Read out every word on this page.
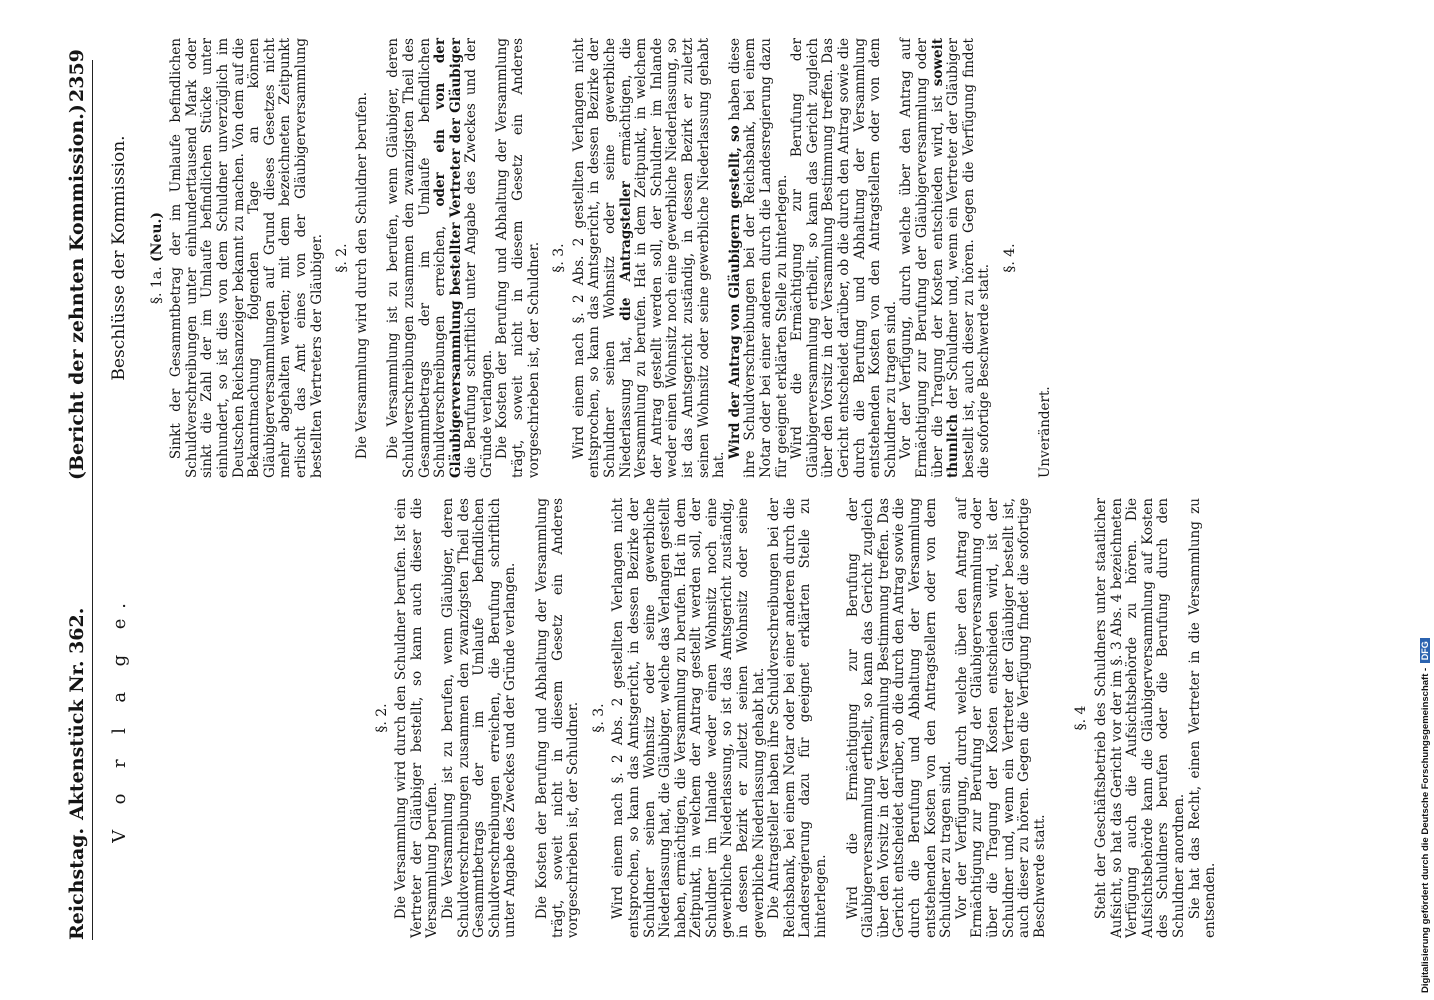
Reichstag.
Aktenstück Nr. 362.
(Bericht der zehnten Kommission.)
2359
V o r l a g e.	§. 2. Die Versammlung wird durch den Schuldner berufen. Ist ein Vertreter der Gläubiger bestellt, so kann auch dieser die Versammlung berufen. Die Versammlung ist zu berufen, wenn Gläubiger, deren Schuldverschreibungen zusammen den zwanzigsten Theil des Gesammtbetrags der im Umlaufe befindlichen Schuldverschreibungen erreichen, die Berufung schriftlich unter Angabe des Zweckes und der Gründe verlangen. Die Kosten der Berufung und Abhaltung der Versammlung trägt, soweit nicht in diesem Gesetz ein Anderes vorgeschrieben ist, der Schuldner. §. 3. Wird einem nach §. 2 Abs. 2 gestellten Verlangen nicht entsprochen, so kann das Amtsgericht, in dessen Bezirke der Schuldner seinen Wohnsitz oder seine gewerbliche Niederlassung hat, die Gläubiger, welche das Verlangen gestellt haben, ermächtigen, die Versammlung zu berufen. Hat in dem Zeitpunkt, in welchem der Antrag gestellt werden soll, der Schuldner im Inlande weder einen Wohnsitz noch eine gewerbliche Niederlassung, so ist das Amtsgericht zuständig, in dessen Bezirk er zuletzt seinen Wohnsitz oder seine gewerbliche Niederlassung gehabt hat. Die Antragsteller haben ihre Schuldverschreibungen bei der Reichsbank, bei einem Notar oder bei einer anderen durch die Landesregierung dazu für geeignet erklärten Stelle zu hinterlegen. Wird die Ermächtigung zur Berufung der Gläubigerversammlung ertheilt, so kann das Gericht zugleich über den Vorsitz in der Versammlung Bestimmung treffen. Das Gericht entscheidet darüber, ob die durch den Antrag sowie die durch die Berufung und Abhaltung der Versammlung entstehenden Kosten von den Antragstellern oder von dem Schuldner zu tragen sind. Vor der Verfügung, durch welche über den Antrag auf Ermächtigung zur Berufung der Gläubigerversammlung oder über die Tragung der Kosten entschieden wird, ist der Schuldner und, wenn ein Vertreter der Gläubiger bestellt ist, auch dieser zu hören. Gegen die Verfügung findet die sofortige Beschwerde statt.

§. 4 Steht der Geschäftsbetrieb des Schuldners unter staatlicher Aufsicht, so hat das Gericht vor der im §. 3 Abs. 4 bezeichneten Verfügung auch die Aufsichtsbehörde zu hören. Die Aufsichtsbehörde kann die Gläubigerversammlung auf Kosten des Schuldners berufen oder die Berufung durch den Schuldner anordnen. Sie hat das Recht, einen Vertreter in die Versammlung zu entsenden.

Beschlüsse der Kommission. §. 1a. (Neu.) Sinkt der Gesammtbetrag der im Umlaufe befindlichen Schuldverschreibungen unter einhunderttausend Mark oder sinkt die Zahl der im Umlaufe befindlichen Stücke unter einhundert, so ist dies von dem Schuldner unverzüglich im Deutschen Reichsanzeiger bekannt zu machen. Von dem auf die Bekanntmachung folgenden Tage an können Gläubigerversammlungen auf Grund dieses Gesetzes nicht mehr abgehalten werden; mit dem bezeichneten Zeitpunkt erlischt das Amt eines von der Gläubigerversammlung bestellten Vertreters der Gläubiger. §. 2. Die Versammlung wird durch den Schuldner berufen. Die Versammlung ist zu berufen, wenn Gläubiger, deren Schuldverschreibungen zusammen den zwanzigsten Theil des Gesammtbetrags der im Umlaufe befindlichen Schuldverschreibungen erreichen, oder ein von der Gläubigerversammlung bestellter Vertreter der Gläubiger die Berufung schriftlich unter Angabe des Zweckes und der Gründe verlangen. Die Kosten der Berufung und Abhaltung der Versammlung trägt, soweit nicht in diesem Gesetz ein Anderes vorgeschrieben ist, der Schuldner. §. 3. Wird einem nach §. 2 Abs. 2 gestellten Verlangen nicht entsprochen, so kann das Amtsgericht, in dessen Bezirke der Schuldner seinen Wohnsitz oder seine gewerbliche Niederlassung hat, die Antragsteller ermächtigen, die Versammlung zu berufen. Hat in dem Zeitpunkt, in welchem der Antrag gestellt werden soll, der Schuldner im Inlande weder einen Wohnsitz noch eine gewerbliche Niederlassung, so ist das Amtsgericht zuständig, in dessen Bezirk er zuletzt seinen Wohnsitz oder seine gewerbliche Niederlassung gehabt hat.

Wird der Antrag von Gläubigern gestellt, so haben diese ihre Schuldverschreibungen bei der Reichsbank, bei einem Notar oder bei einer anderen durch die Landesregierung dazu für geeignet erklärten Stelle zu hinterlegen. Wird die Ermächtigung zur Berufung der Gläubigerversammlung ertheilt, so kann das Gericht zugleich über den Vorsitz in der Versammlung Bestimmung treffen. Das Gericht entscheidet darüber, ob die durch den Antrag sowie die durch die Berufung und Abhaltung der Versammlung entstehenden Kosten von den Antragstellern oder von dem Schuldner zu tragen sind. Vor der Verfügung, durch welche über den Antrag auf Ermächtigung zur Berufung der Gläubigerversammlung oder über die Tragung der Kosten entschieden wird, ist soweit thunlich der Schuldner und, wenn ein Vertreter der Gläubiger bestellt ist, auch dieser zu hören. Gegen die Verfügung findet die sofortige Beschwerde statt.

§. 4.

Unverändert.

Digitalisierung gefördert durch die Deutsche Forschungsgemeinschaft - DFG
